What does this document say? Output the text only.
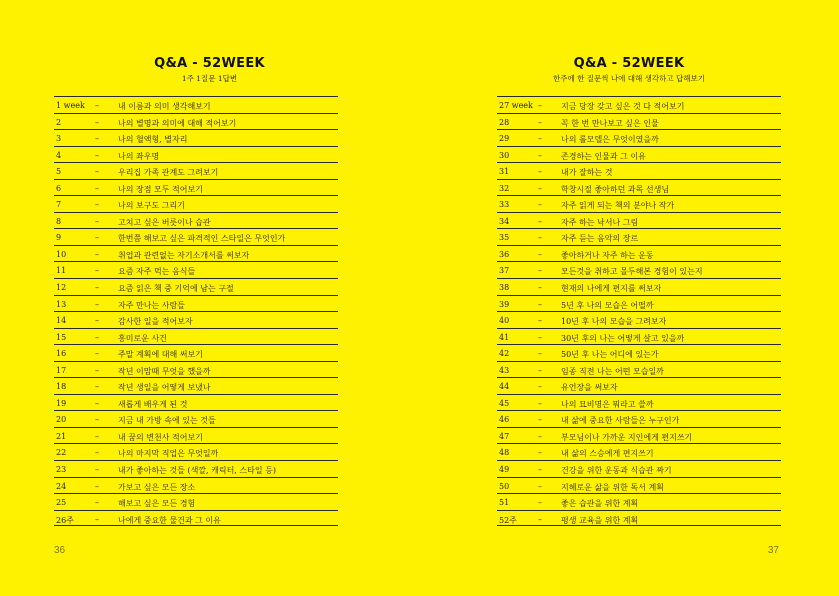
Q&A - 52WEEK
1주 1질문 1답변
1 week – 내 이름과 의미 생각해보기
2	– 나의 별명과 의미에 대해 적어보기
3	– 나의 혈액형, 별자리
4	– 나의 좌우명
5	– 우리집 가족 관계도 그려보기
6	– 나의 장점 모두 적어보기
7	– 나의 보구도 그리기
8	– 고치고 싶은 버릇이나 습관
9	– 한번쯤 해보고 싶은 파격적인 스타일은 무엇인가
10	– 취업과 관련없는 자기소개서를 써보자
11	– 요즘 자주 먹는 음식들
12	– 요즘 읽은 책 중 기억에 남는 구절
13	– 자주 만나는 사람들
14	– 감사한 일을 적어보자
15	– 흥미로운 사건
16	– 주말 계획에 대해 써보기
17	– 작년 이맘때 무엇을 했을까
18	– 작년 생일을 어떻게 보냈나
19	– 새롭게 배우게 된 것
20	– 지금 내 가방 속에 있는 것들
21	– 내 꿈의 변천사 적어보기
22	– 나의 마지막 직업은 무엇일까
23	– 내가 좋아하는 것들 (색깔, 캐릭터, 스타일 등)
24	– 가보고 싶은 모든 장소
25	– 해보고 싶은 모든 경험
26주	– 나에게 중요한 물건과 그 이유
36
Q&A - 52WEEK
한주에 한 질문씩 나에 대해 생각하고 답해보기
27 week – 지금 당장 갖고 싶은 것 다 적어보기
28	– 꼭 한 번 만나보고 싶은 인물
29	– 나의 롤모델은 무엇이였을까
30	– 존경하는 인물과 그 이유
31	– 내가 잘하는 것
32	– 학창시절 좋아하던 과목 선생님
33	– 자주 읽게 되는 책의 분야나 작가
34	– 자주 하는 낙서나 그림
35	– 자주 듣는 음악의 장르
36	– 좋아하거나 자주 하는 운동
37	– 모든것을 취하고 몰두해본 경험이 있는지
38	– 현재의 나에게 편지를 써보자
39	– 5년 후 나의 모습은 어떨까
40	– 10년 후 나의 모습을 그려보자
41	– 30년 후의 나는 어떻게 살고 있을까
42	– 50년 후 나는 어디에 있는가
43	– 임종 직전 나는 어떤 모습일까
44	– 유언장을 써보자
45	– 나의 묘비명은 뭐라고 쓸까
46	– 내 삶에 중요한 사람들은 누구인가
47	– 부모님이나 가까운 지인에게 편지쓰기
48	– 내 삶의 스승에게 편지쓰기
49	– 건강을 위한 운동과 식습관 짜기
50	– 지혜로운 삶을 위한 독서 계획
51	– 좋은 습관을 위한 계획
52주	– 평생 교육을 위한 계획
37
